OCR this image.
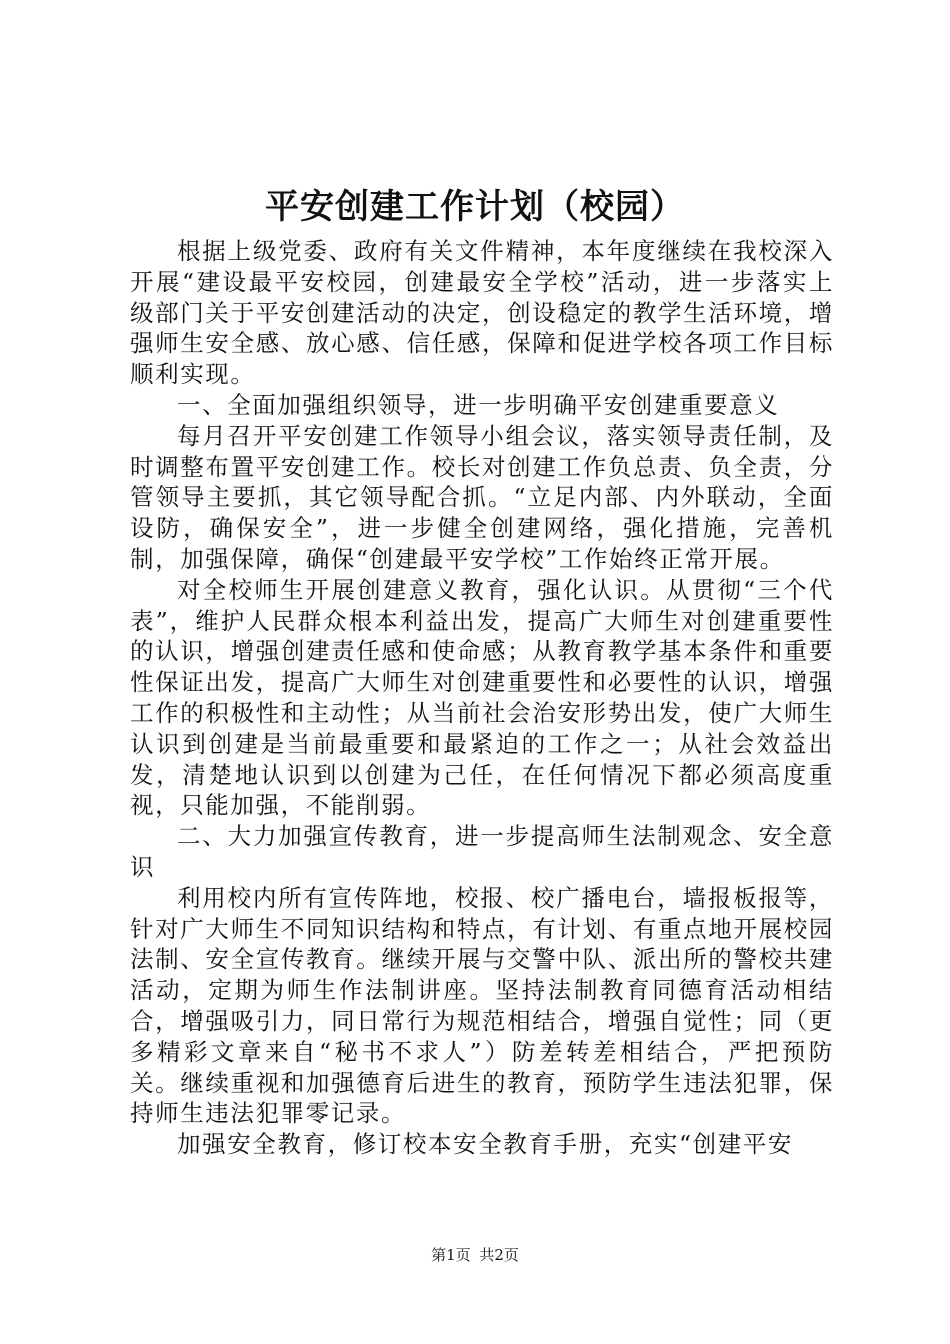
平安创建工作计划（校园）

根据上级党委、政府有关文件精神，本年度继续在我校深入开展“建设最平安校园，创建最安全学校”活动，进一步落实上级部门关于平安创建活动的决定，创设稳定的教学生活环境，增强师生安全感、放心感、信任感，保障和促进学校各项工作目标顺利实现。

一、全面加强组织领导，进一步明确平安创建重要意义

每月召开平安创建工作领导小组会议，落实领导责任制，及时调整布置平安创建工作。校长对创建工作负总责、负全责，分管领导主要抓，其它领导配合抓。“立足内部、内外联动，全面设防，确保安全”，进一步健全创建网络，强化措施，完善机制，加强保障，确保“创建最平安学校”工作始终正常开展。

对全校师生开展创建意义教育，强化认识。从贯彻“三个代表”，维护人民群众根本利益出发，提高广大师生对创建重要性的认识，增强创建责任感和使命感；从教育教学基本条件和重要性保证出发，提高广大师生对创建重要性和必要性的认识，增强工作的积极性和主动性；从当前社会治安形势出发，使广大师生认识到创建是当前最重要和最紧迫的工作之一；从社会效益出发，清楚地认识到以创建为己任，在任何情况下都必须高度重视，只能加强，不能削弱。

二、大力加强宣传教育，进一步提高师生法制观念、安全意识

利用校内所有宣传阵地，校报、校广播电台，墙报板报等，针对广大师生不同知识结构和特点，有计划、有重点地开展校园法制、安全宣传教育。继续开展与交警中队、派出所的警校共建活动，定期为师生作法制讲座。坚持法制教育同德育活动相结合，增强吸引力，同日常行为规范相结合，增强自觉性；同（更多精彩文章来自“秘书不求人”）防差转差相结合，严把预防关。继续重视和加强德育后进生的教育，预防学生违法犯罪，保持师生违法犯罪零记录。

加强安全教育，修订校本安全教育手册，充实“创建平安

第1页 共2页
